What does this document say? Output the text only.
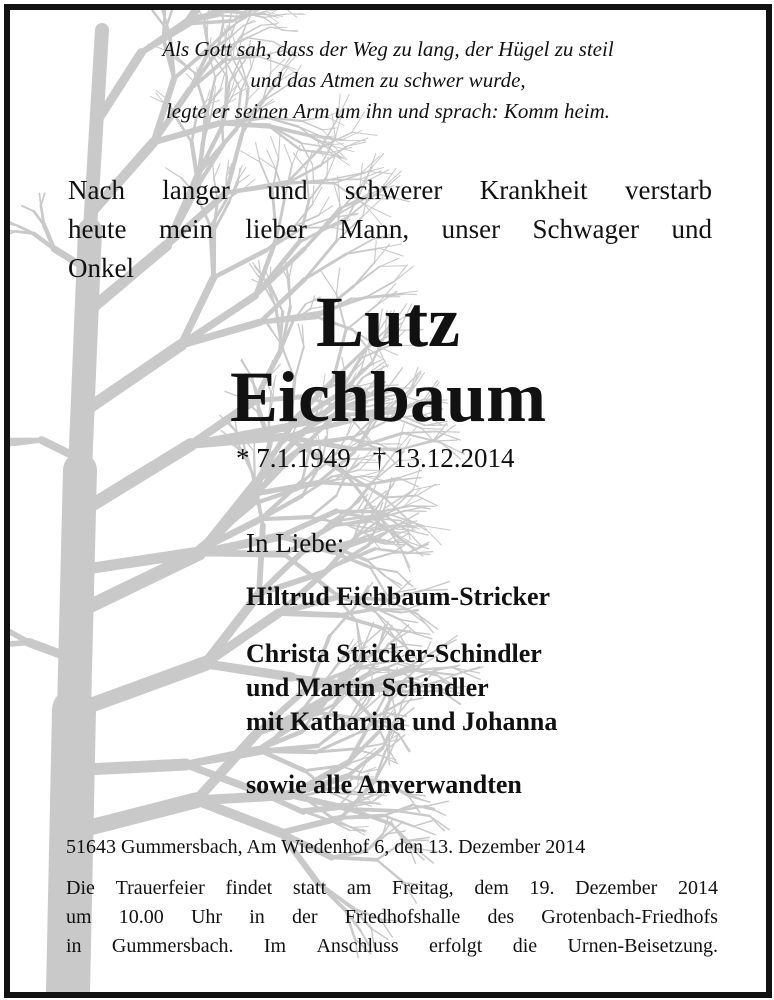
Als Gott sah, dass der Weg zu lang, der Hügel zu steil
und das Atmen zu schwer wurde,
legte er seinen Arm um ihn und sprach: Komm heim.
Nach langer und schwerer Krankheit verstarb
heute mein lieber Mann, unser Schwager und
Onkel
Lutz
Eichbaum
* 7.1.1949 † 13.12.2014
In Liebe:
Hiltrud Eichbaum-Stricker
Christa Stricker-Schindler
und Martin Schindler
mit Katharina und Johanna
sowie alle Anverwandten
51643 Gummersbach, Am Wiedenhof 6, den 13. Dezember 2014
Die Trauerfeier findet statt am Freitag, dem 19. Dezember 2014
um 10.00 Uhr in der Friedhofshalle des Grotenbach-Friedhofs
in Gummersbach. Im Anschluss erfolgt die Urnen-Beisetzung.
